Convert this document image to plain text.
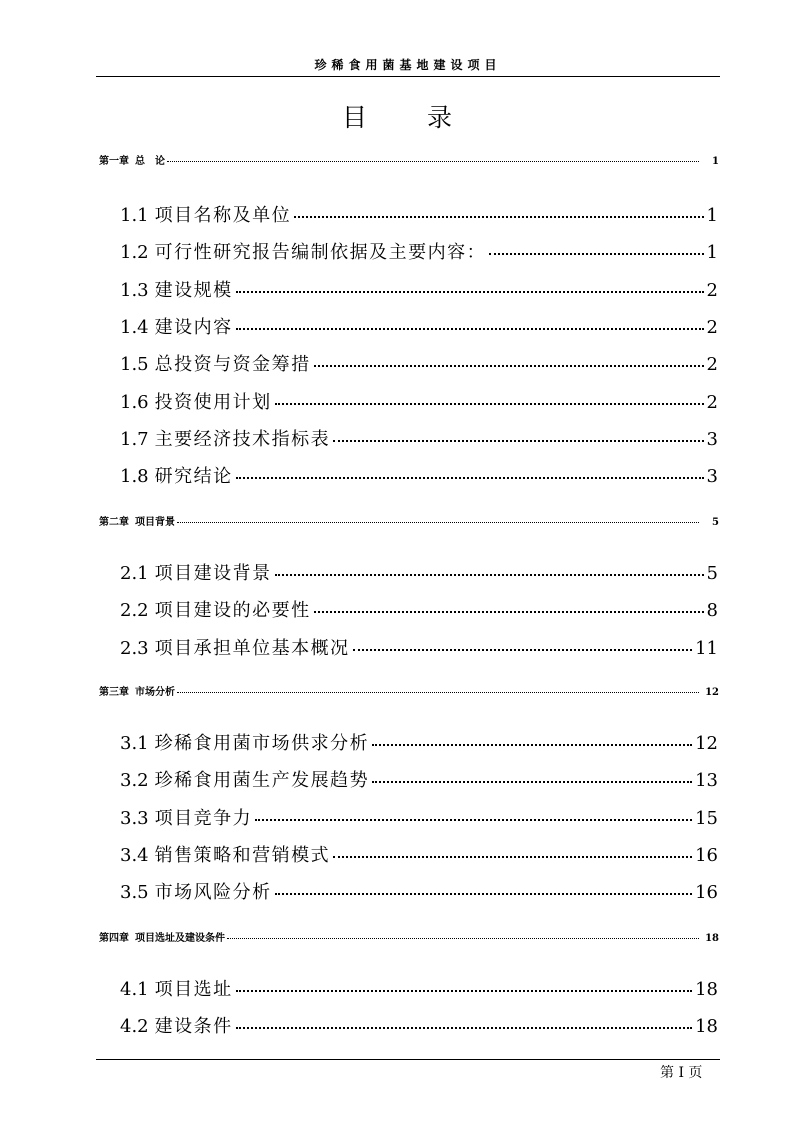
珍稀食用菌基地建设项目
目 录
第一章 总　论	1
1.1 项目名称及单位	1
1.2 可行性研究报告编制依据及主要内容：	1
1.3 建设规模	2
1.4 建设内容	2
1.5 总投资与资金筹措	2
1.6 投资使用计划	2
1.7 主要经济技术指标表	3
1.8 研究结论	3
第二章 项目背景	5
2.1 项目建设背景	5
2.2 项目建设的必要性	8
2.3 项目承担单位基本概况	11
第三章 市场分析	12
3.1 珍稀食用菌市场供求分析	12
3.2 珍稀食用菌生产发展趋势	13
3.3 项目竞争力	15
3.4 销售策略和营销模式	16
3.5 市场风险分析	16
第四章 项目选址及建设条件	18
4.1 项目选址	18
4.2 建设条件	18
第 I 页
